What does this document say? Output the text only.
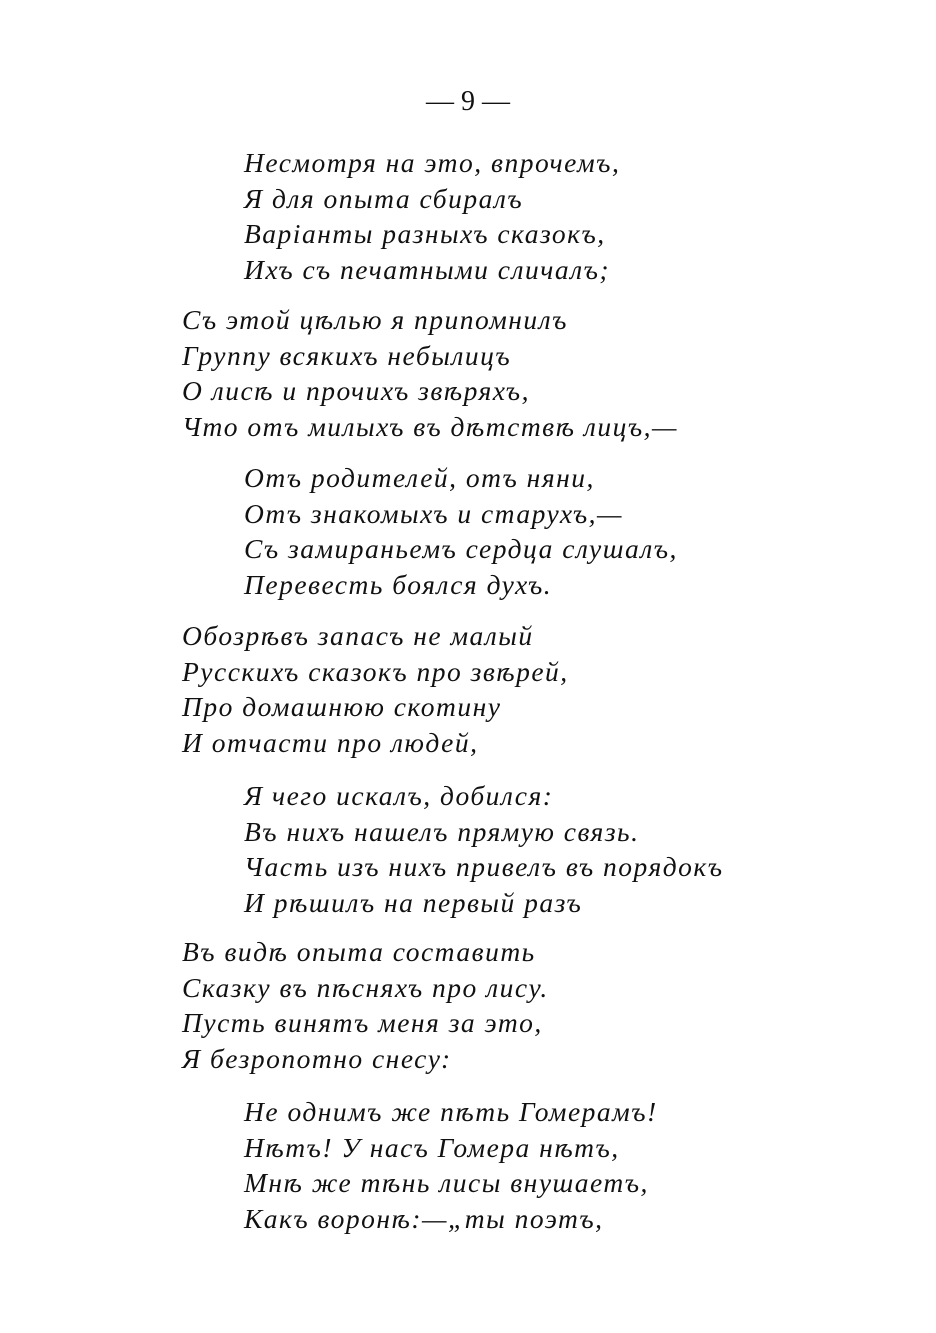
— 9 —
Несмотря на это, впрочемъ,
Я для опыта сбиралъ
Варіанты разныхъ сказокъ,
Ихъ съ печатными сличалъ;
Съ этой цѣлью я припомнилъ
Группу всякихъ небылицъ
О лисѣ и прочихъ звѣряхъ,
Что отъ милыхъ въ дѣтствѣ лицъ,—
Отъ родителей, отъ няни,
Отъ знакомыхъ и старухъ,—
Съ замираньемъ сердца слушалъ,
Перевесть боялся духъ.
Обозрѣвъ запасъ не малый
Русскихъ сказокъ про звѣрей,
Про домашнюю скотину
И отчасти про людей,
Я чего искалъ, добился:
Въ нихъ нашелъ прямую связь.
Часть изъ нихъ привелъ въ порядокъ
И рѣшилъ на первый разъ
Въ видѣ опыта составить
Сказку въ пѣсняхъ про лису.
Пусть винятъ меня за это,
Я безропотно снесу:
Не однимъ же пѣть Гомерамъ!
Нѣтъ! У насъ Гомера нѣтъ,
Мнѣ же тѣнь лисы внушаетъ,
Какъ воронѣ:—„ты поэтъ,
